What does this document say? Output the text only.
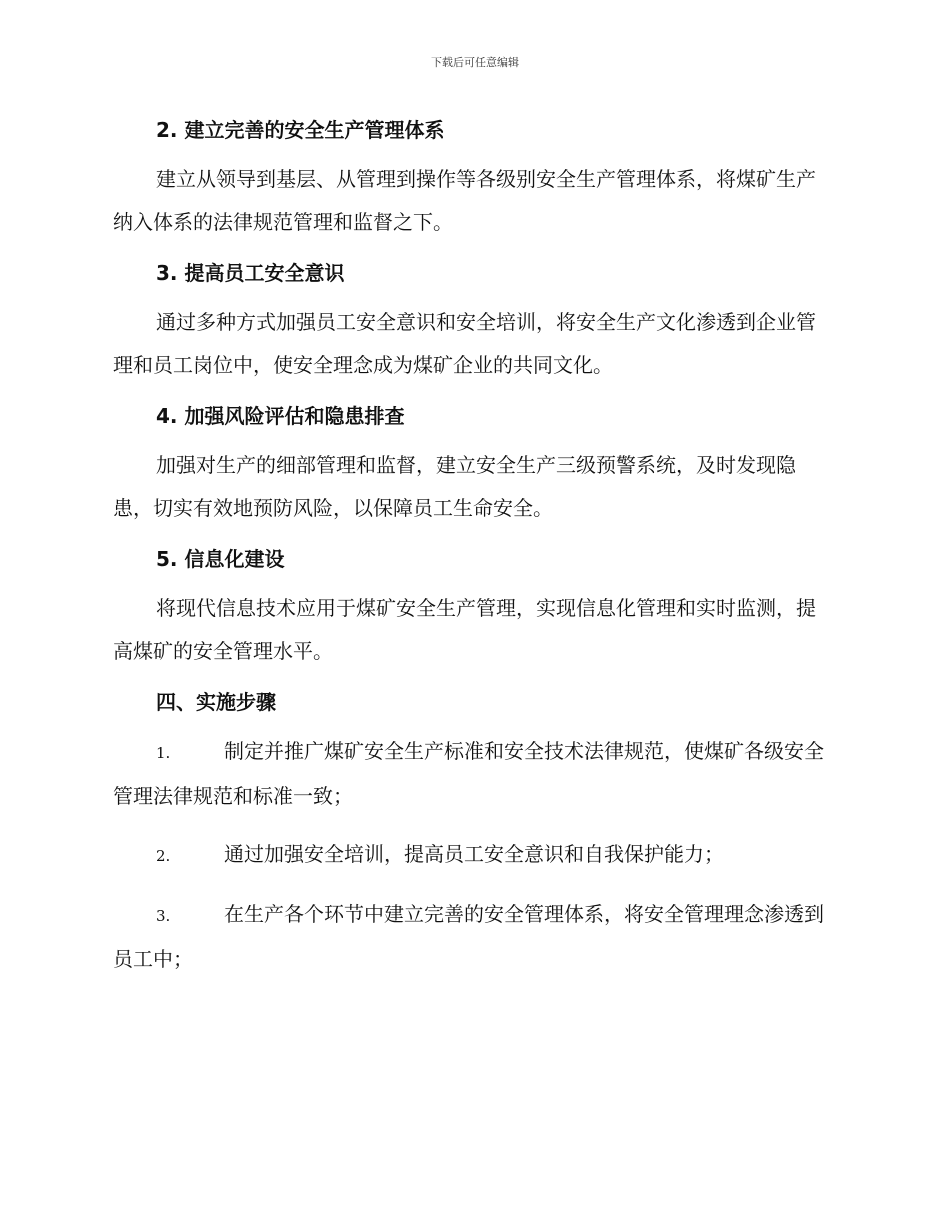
下载后可任意编辑
2. 建立完善的安全生产管理体系

建立从领导到基层、从管理到操作等各级别安全生产管理体系，将煤矿生产纳入体系的法律规范管理和监督之下。

3. 提高员工安全意识

通过多种方式加强员工安全意识和安全培训，将安全生产文化渗透到企业管理和员工岗位中，使安全理念成为煤矿企业的共同文化。

4. 加强风险评估和隐患排查

加强对生产的细部管理和监督，建立安全生产三级预警系统，及时发现隐患，切实有效地预防风险，以保障员工生命安全。

5. 信息化建设

将现代信息技术应用于煤矿安全生产管理，实现信息化管理和实时监测，提高煤矿的安全管理水平。

四、实施步骤
1.	制定并推广煤矿安全生产标准和安全技术法律规范，使煤矿各级安全管理法律规范和标准一致；
2.	通过加强安全培训，提高员工安全意识和自我保护能力；
3.	在生产各个环节中建立完善的安全管理体系，将安全管理理念渗透到员工中；
